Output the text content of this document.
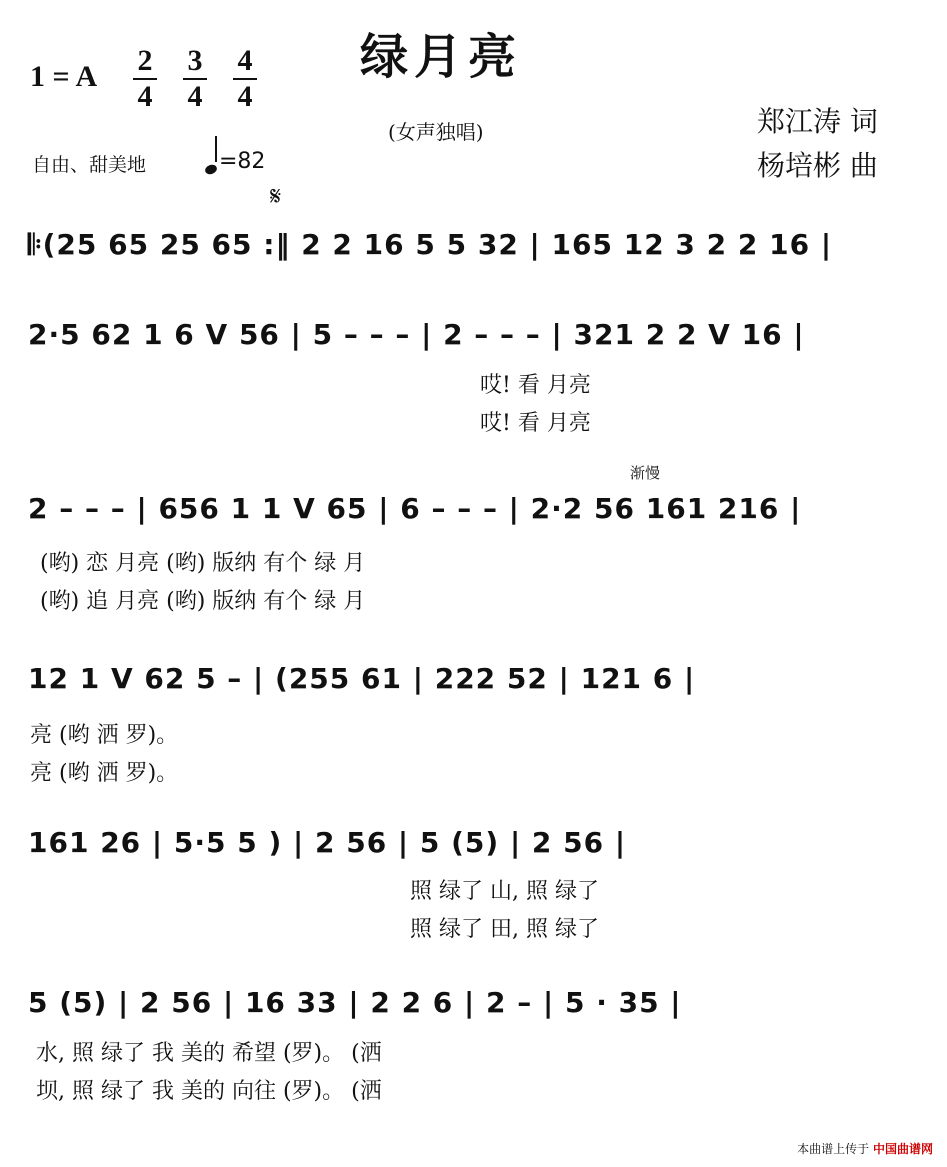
绿月亮
1 = A 2
4
3
4
4
4
(女声独唱)	郑江涛 词
杨培彬 曲
自由、甜美地	=82
𝄋
𝄆(25 65 25 65 :‖ 2 2 16 5 5 32 | 165 12 3 2 2 16 |
2·5 62 1 6 V 56 | 5 – – – | 2 – – – | 321 2 2 V 16 |
哎! 看 月亮
哎! 看 月亮
渐慢
2 – – – | 656 1 1 V 65 | 6 – – – | 2·2 56 161 216 |
(哟) 恋 月亮 (哟) 版纳 有个 绿 月
(哟) 追 月亮 (哟) 版纳 有个 绿 月
12 1 V 62 5 – | (255 61 | 222 52 | 121 6 |
亮 (哟 洒 罗)。
亮 (哟 洒 罗)。
161 26 | 5·5 5 ) | 2 56 | 5 (5) | 2 56 |
照 绿了 山, 照 绿了
照 绿了 田, 照 绿了
5 (5) | 2 56 | 16 33 | 2 2 6 | 2 – | 5 · 35 |
水, 照 绿了 我 美的 希望 (罗)。 (洒
坝, 照 绿了 我 美的 向往 (罗)。 (洒
本曲谱上传于 中国曲谱网
